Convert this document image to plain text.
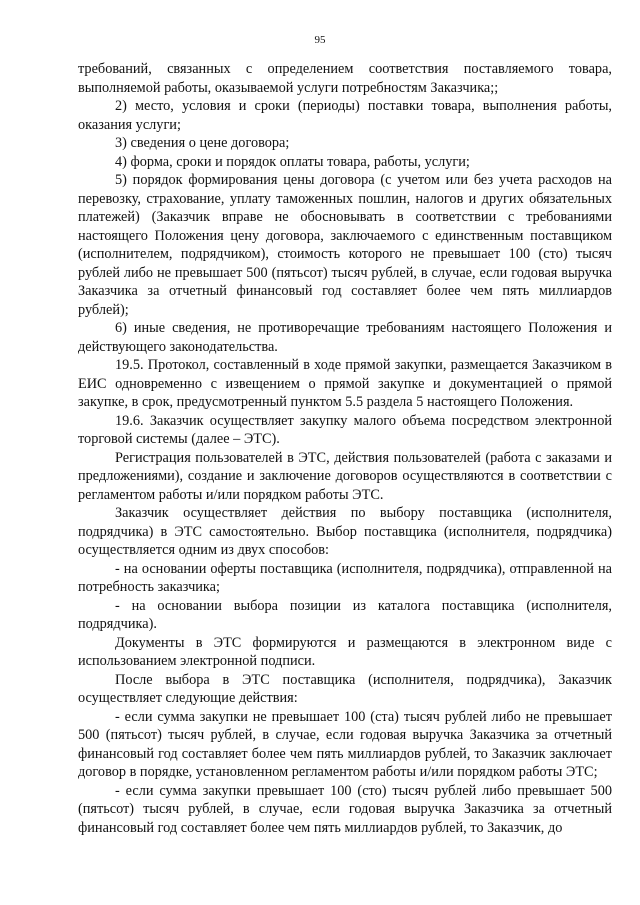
95

требований, связанных с определением соответствия поставляемого товара, выполняемой работы, оказываемой услуги потребностям Заказчика;;

2) место, условия и сроки (периоды) поставки товара, выполнения работы, оказания услуги;

3) сведения о цене договора;

4) форма, сроки и порядок оплаты товара, работы, услуги;

5) порядок формирования цены договора (с учетом или без учета расходов на перевозку, страхование, уплату таможенных пошлин, налогов и других обязательных платежей) (Заказчик вправе не обосновывать в соответствии с требованиями настоящего Положения цену договора, заключаемого с единственным поставщиком (исполнителем, подрядчиком), стоимость которого не превышает 100 (сто) тысяч рублей либо не превышает 500 (пятьсот) тысяч рублей, в случае, если годовая выручка Заказчика за отчетный финансовый год составляет более чем пять миллиардов рублей);

6) иные сведения, не противоречащие требованиям настоящего Положения и действующего законодательства.

19.5. Протокол, составленный в ходе прямой закупки, размещается Заказчиком в ЕИС одновременно с извещением о прямой закупке и документацией о прямой закупке, в срок, предусмотренный пунктом 5.5 раздела 5 настоящего Положения.

19.6. Заказчик осуществляет закупку малого объема посредством электронной торговой системы (далее – ЭТС).

Регистрация пользователей в ЭТС, действия пользователей (работа с заказами и предложениями), создание и заключение договоров осуществляются в соответствии с регламентом работы и/или порядком работы ЭТС.

Заказчик осуществляет действия по выбору поставщика (исполнителя, подрядчика) в ЭТС самостоятельно. Выбор поставщика (исполнителя, подрядчика) осуществляется одним из двух способов:

- на основании оферты поставщика (исполнителя, подрядчика), отправленной на потребность заказчика;

- на основании выбора позиции из каталога поставщика (исполнителя, подрядчика).

Документы в ЭТС формируются и размещаются в электронном виде с использованием электронной подписи.

После выбора в ЭТС поставщика (исполнителя, подрядчика), Заказчик осуществляет следующие действия:

- если сумма закупки не превышает 100 (ста) тысяч рублей либо не превышает 500 (пятьсот) тысяч рублей, в случае, если годовая выручка Заказчика за отчетный финансовый год составляет более чем пять миллиардов рублей, то Заказчик заключает договор в порядке, установленном регламентом работы и/или порядком работы ЭТС;

- если сумма закупки превышает 100 (сто) тысяч рублей либо превышает 500 (пятьсот) тысяч рублей, в случае, если годовая выручка Заказчика за отчетный финансовый год составляет более чем пять миллиардов рублей, то Заказчик, до
